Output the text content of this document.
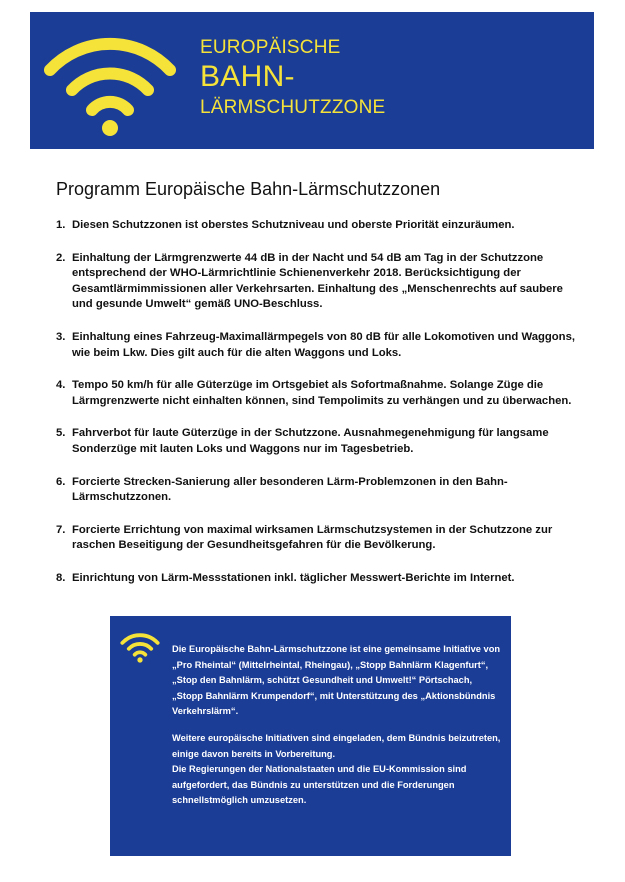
EUROPÄISCHE
BAHN-
LÄRMSCHUTZZONE
Programm Europäische Bahn-Lärmschutzzonen
1. Diesen Schutzzonen ist oberstes Schutzniveau und oberste Priorität einzuräumen.
2. Einhaltung der Lärmgrenzwerte 44 dB in der Nacht und 54 dB am Tag in der Schutzzone entsprechend der WHO-Lärmrichtlinie Schienenverkehr 2018. Berücksichtigung der Gesamtlärmimmissionen aller Verkehrsarten. Einhaltung des „Menschenrechts auf saubere und gesunde Umwelt“ gemäß UNO-Beschluss.
3. Einhaltung eines Fahrzeug-Maximallärmpegels von 80 dB für alle Lokomotiven und Waggons, wie beim Lkw. Dies gilt auch für die alten Waggons und Loks.
4. Tempo 50 km/h für alle Güterzüge im Ortsgebiet als Sofortmaßnahme. Solange Züge die Lärmgrenzwerte nicht einhalten können, sind Tempolimits zu verhängen und zu überwachen.
5. Fahrverbot für laute Güterzüge in der Schutzzone. Ausnahmegenehmigung für langsame Sonderzüge mit lauten Loks und Waggons nur im Tagesbetrieb.
6. Forcierte Strecken-Sanierung aller besonderen Lärm-Problemzonen in den Bahn-Lärmschutzzonen.
7. Forcierte Errichtung von maximal wirksamen Lärmschutzsystemen in der Schutzzone zur raschen Beseitigung der Gesundheitsgefahren für die Bevölkerung.
8. Einrichtung von Lärm-Messstationen inkl. täglicher Messwert-Berichte im Internet.

Die Europäische Bahn-Lärmschutzzone ist eine gemeinsame Initiative von „Pro Rheintal“ (Mittelrheintal, Rheingau), „Stopp Bahnlärm Klagenfurt“, „Stop den Bahnlärm, schützt Gesundheit und Umwelt!“ Pörtschach, „Stopp Bahnlärm Krumpendorf“, mit Unterstützung des „Aktionsbündnis Verkehrslärm“.

Weitere europäische Initiativen sind eingeladen, dem Bündnis beizutreten, einige davon bereits in Vorbereitung.

Die Regierungen der Nationalstaaten und die EU-Kommission sind aufgefordert, das Bündnis zu unterstützen und die Forderungen schnellstmöglich umzusetzen.
